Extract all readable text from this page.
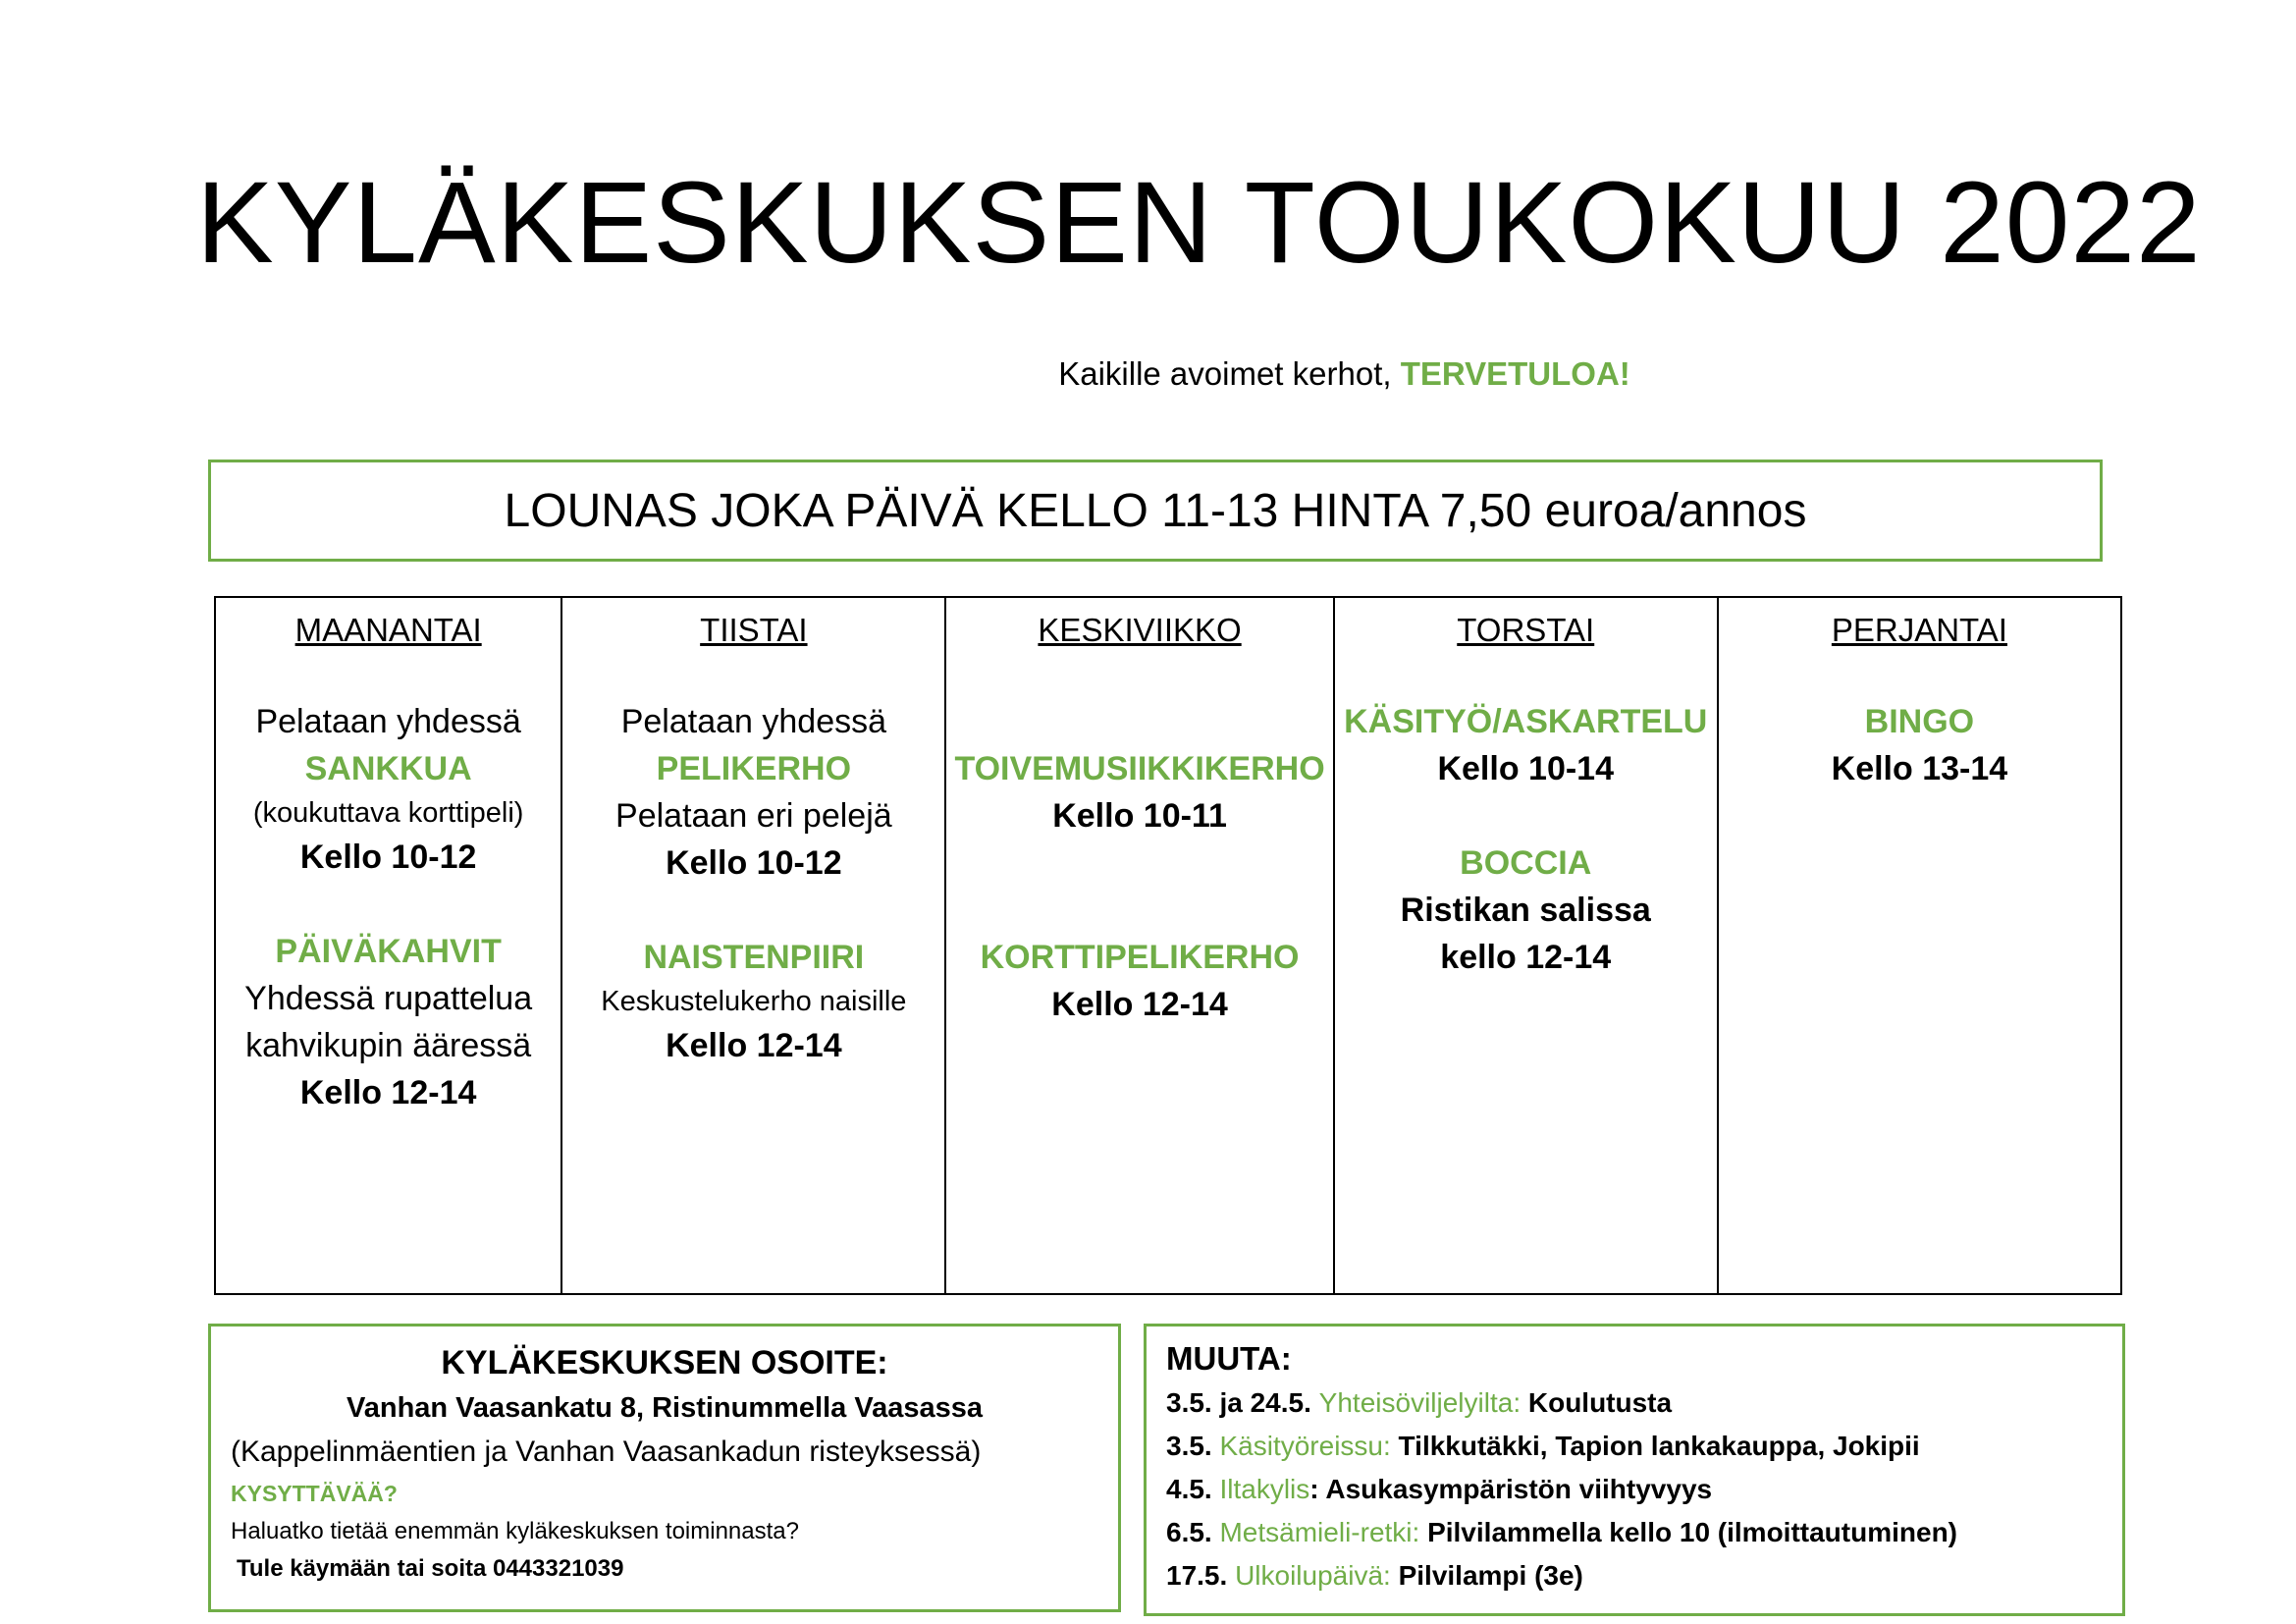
KYLÄKESKUKSEN TOUKOKUU 2022
Kaikille avoimet kerhot, TERVETULOA!
LOUNAS JOKA PÄIVÄ KELLO 11-13 HINTA 7,50 euroa/annos
MAANANTAI
Pelataan yhdessä
SANKKUA
(koukuttava korttipeli)
Kello 10-12
PÄIVÄKAHVIT
Yhdessä rupattelua
kahvikupin ääressä
Kello 12-14
TIISTAI
Pelataan yhdessä
PELIKERHO
Pelataan eri pelejä
Kello 10-12
NAISTENPIIRI
Keskustelukerho naisille
Kello 12-14
KESKIVIIKKO
TOIVEMUSIIKKIKERHO
Kello 10-11
KORTTIPELIKERHO
Kello 12-14
TORSTAI
KÄSITYÖ/ASKARTELU
Kello 10-14
BOCCIA
Ristikan salissa
kello 12-14
PERJANTAI
BINGO
Kello 13-14
KYLÄKESKUKSEN OSOITE:
Vanhan Vaasankatu 8, Ristinummella Vaasassa
(Kappelinmäentien ja Vanhan Vaasankadun risteyksessä)
KYSYTTÄVÄÄ?
Haluatko tietää enemmän kyläkeskuksen toiminnasta?
Tule käymään tai soita 0443321039
MUUTA:
3.5. ja 24.5. Yhteisöviljelyilta: Koulutusta
3.5. Käsityöreissu: Tilkkutäkki, Tapion lankakauppa, Jokipii
4.5. Iltakylis: Asukasympäristön viihtyvyys
6.5. Metsämieli-retki: Pilvilammella kello 10 (ilmoittautuminen)
17.5. Ulkoilupäivä: Pilvilampi (3e)
